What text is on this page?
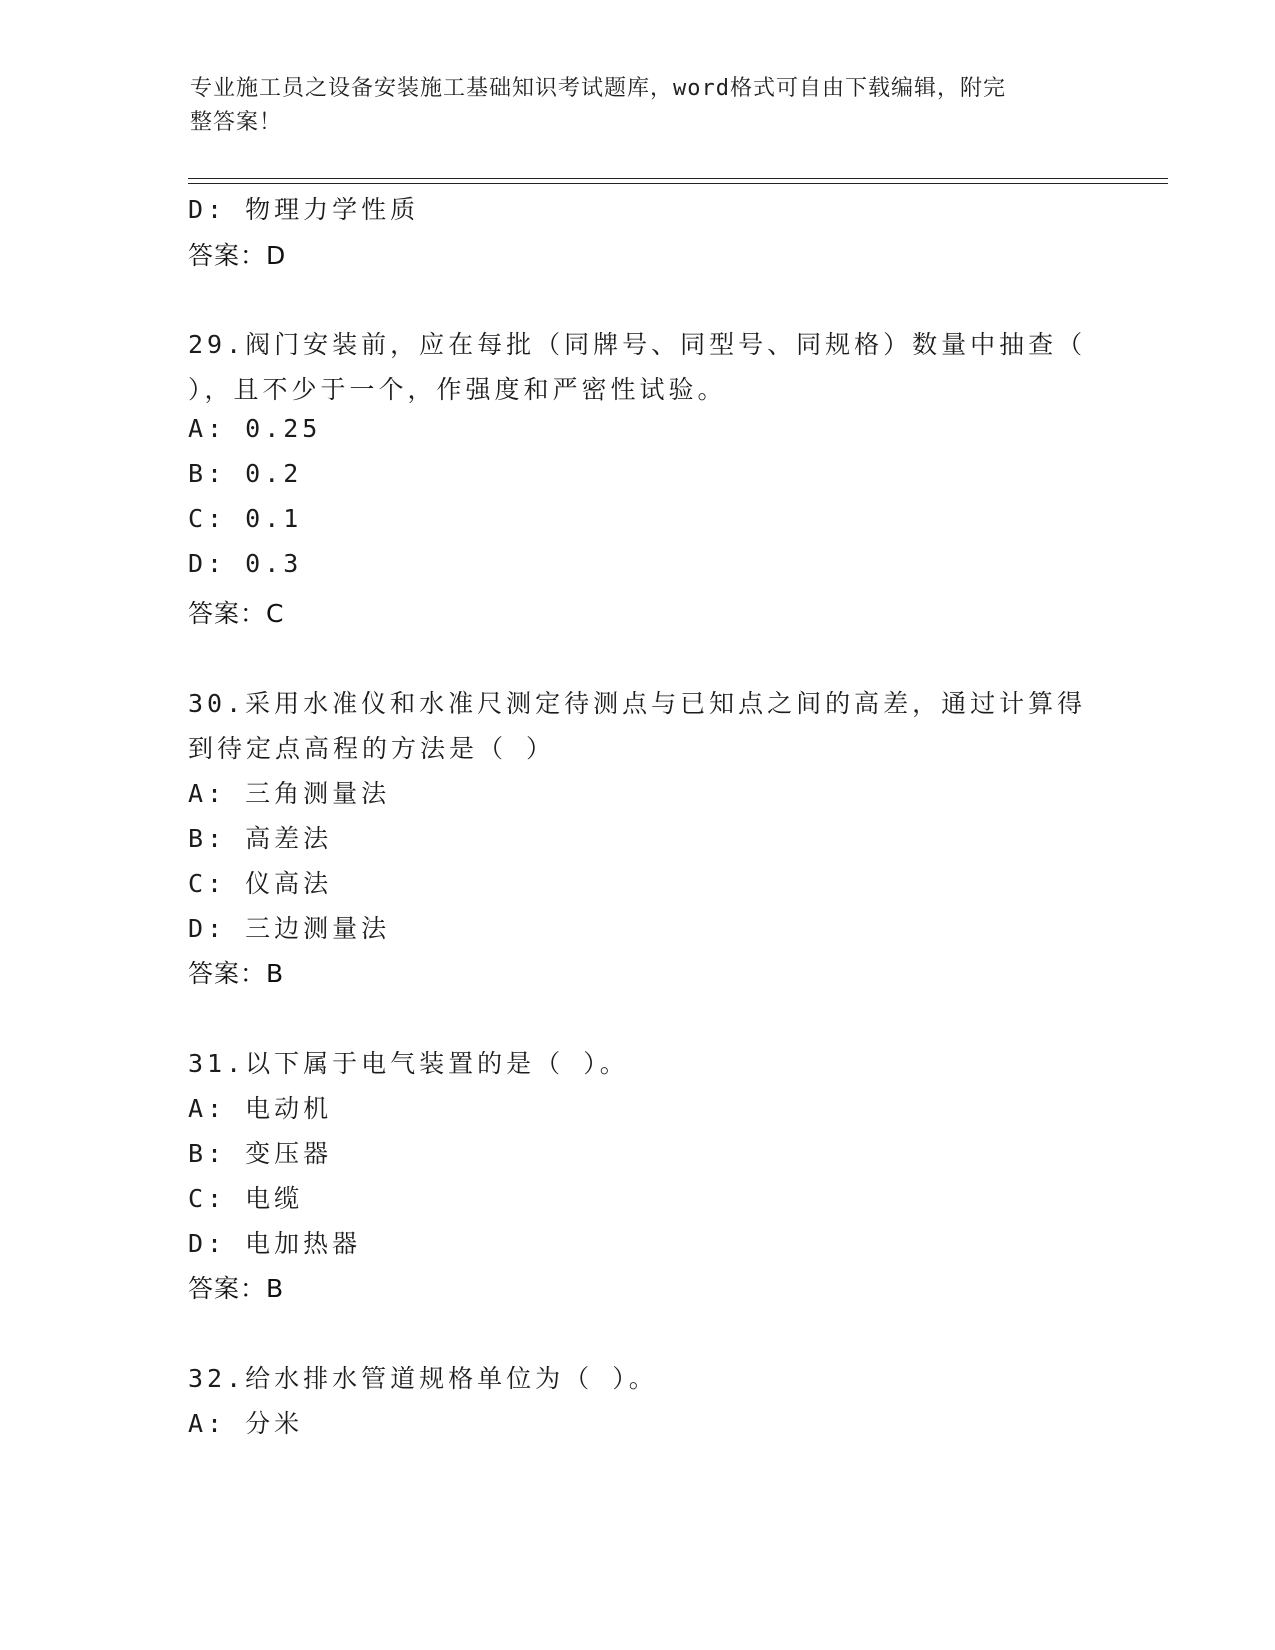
专业施工员之设备安装施工基础知识考试题库，word格式可自由下载编辑，附完
整答案！
D: 物理力学性质
答案：D
29.阀门安装前，应在每批（同牌号、同型号、同规格）数量中抽查（
），且不少于一个，作强度和严密性试验。
A: 0.25
B: 0.2
C: 0.1
D: 0.3
答案：C
30.采用水准仪和水准尺测定待测点与已知点之间的高差，通过计算得
到待定点高程的方法是（ ）
A: 三角测量法
B: 高差法
C: 仪高法
D: 三边测量法
答案：B
31.以下属于电气装置的是（ ）。
A: 电动机
B: 变压器
C: 电缆
D: 电加热器
答案：B
32.给水排水管道规格单位为（ ）。
A: 分米
